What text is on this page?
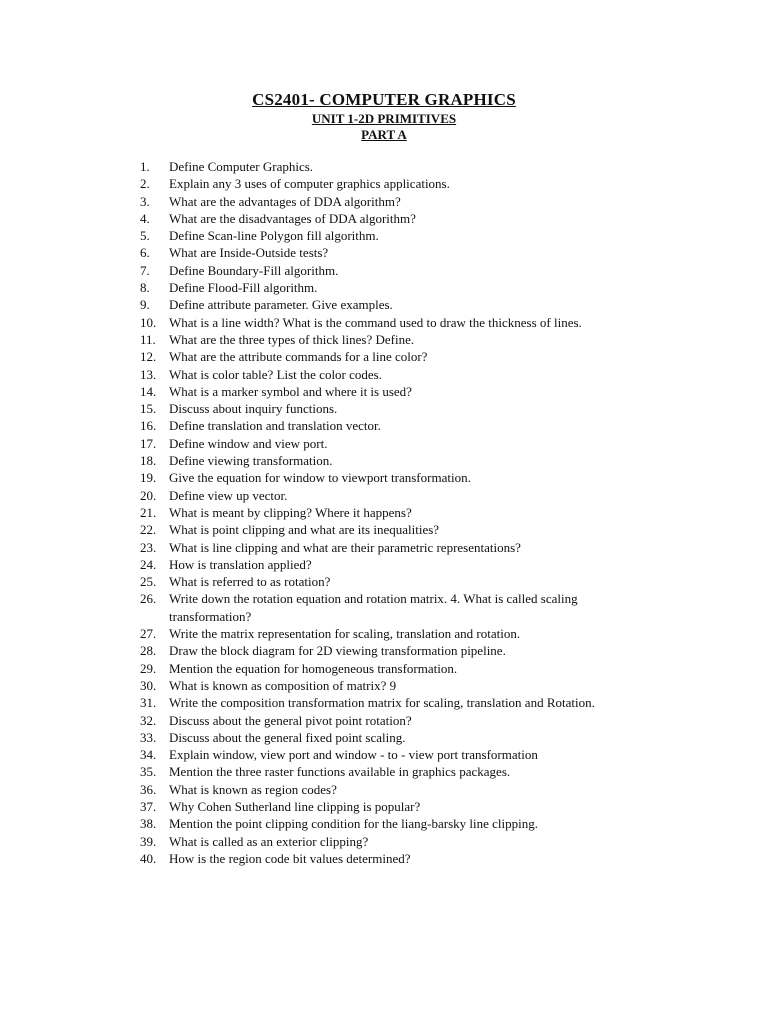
CS2401- COMPUTER GRAPHICS
UNIT 1-2D PRIMITIVES
PART A
1. Define Computer Graphics.
2. Explain any 3 uses of computer graphics applications.
3. What are the advantages of DDA algorithm?
4. What are the disadvantages of DDA algorithm?
5. Define Scan-line Polygon fill algorithm.
6. What are Inside-Outside tests?
7. Define Boundary-Fill algorithm.
8. Define Flood-Fill algorithm.
9. Define attribute parameter. Give examples.
10. What is a line width? What is the command used to draw the thickness of lines.
11. What are the three types of thick lines? Define.
12. What are the attribute commands for a line color?
13. What is color table? List the color codes.
14. What is a marker symbol and where it is used?
15. Discuss about inquiry functions.
16. Define translation and translation vector.
17. Define window and view port.
18. Define viewing transformation.
19. Give the equation for window to viewport transformation.
20. Define view up vector.
21. What is meant by clipping? Where it happens?
22. What is point clipping and what are its inequalities?
23. What is line clipping and what are their parametric representations?
24. How is translation applied?
25. What is referred to as rotation?
26. Write down the rotation equation and rotation matrix. 4. What is called scaling transformation?
27. Write the matrix representation for scaling, translation and rotation.
28. Draw the block diagram for 2D viewing transformation pipeline.
29. Mention the equation for homogeneous transformation.
30. What is known as composition of matrix? 9
31. Write the composition transformation matrix for scaling, translation and Rotation.
32. Discuss about the general pivot point rotation?
33. Discuss about the general fixed point scaling.
34. Explain window, view port and window - to - view port transformation
35. Mention the three raster functions available in graphics packages.
36. What is known as region codes?
37. Why Cohen Sutherland line clipping is popular?
38. Mention the point clipping condition for the liang-barsky line clipping.
39. What is called as an exterior clipping?
40. How is the region code bit values determined?
